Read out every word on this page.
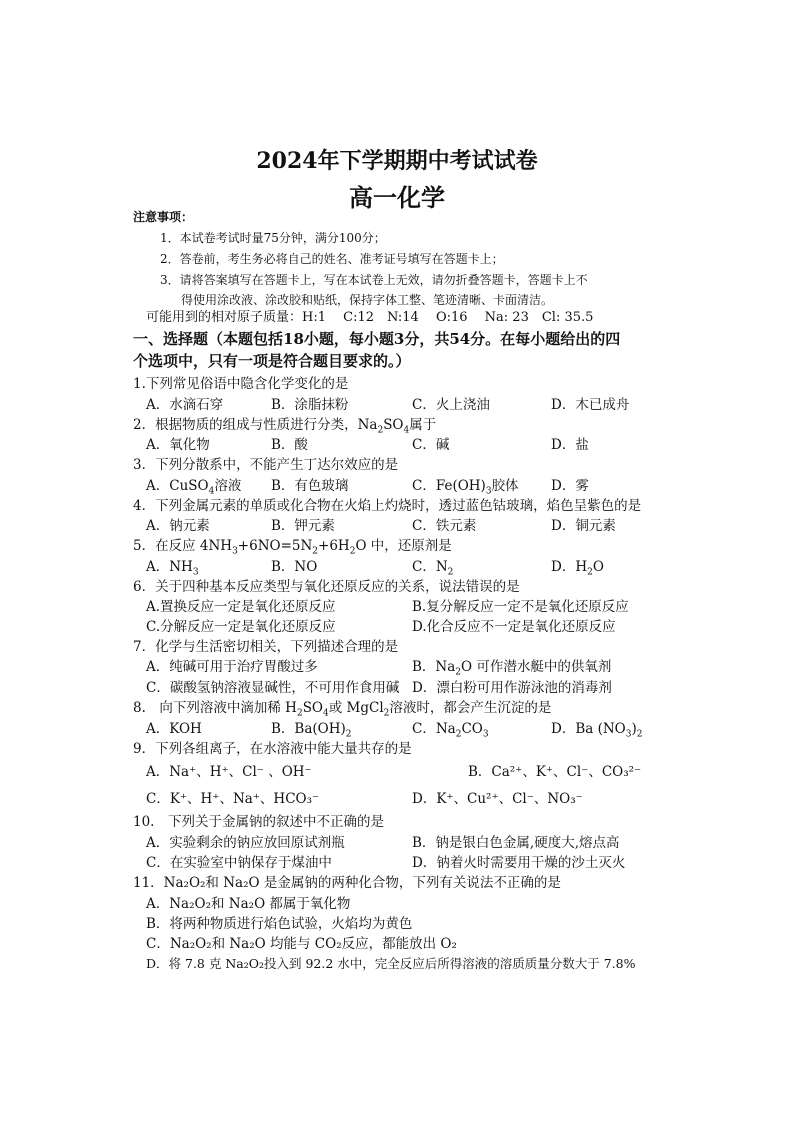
2024年下学期期中考试试卷
高一化学
注意事项：
1．本试卷考试时量75分钟，满分100分；
2．答卷前，考生务必将自己的姓名、准考证号填写在答题卡上；
3．请将答案填写在答题卡上，写在本试卷上无效，请勿折叠答题卡，答题卡上不
得使用涂改液、涂改胶和贴纸，保持字体工整、笔迹清晰、卡面清洁。
可能用到的相对原子质量：H:1　 C:12　N:14　 O:16　 Na: 23　Cl: 35.5
一、选择题（本题包括18小题，每小题3分，共54分。在每小题给出的四
个选项中，只有一项是符合题目要求的。）
1.下列常见俗语中隐含化学变化的是
A．水滴石穿	B．涂脂抹粉	C．火上浇油	D．木已成舟
2．根据物质的组成与性质进行分类，$Na_2SO_4$属于
A．氧化物	B．酸	C．碱	D．盐
3．下列分散系中，不能产生丁达尔效应的是
A．CuSO$_4$溶液 B．有色玻璃	C．$Fe(OH)_3$胶体 D．雾
4．下列金属元素的单质或化合物在火焰上灼烧时，透过蓝色钴玻璃，焰色呈紫色的是
A．钠元素	B．钾元素	C．铁元素	D．铜元素
5．在反应 $4NH_3+6NO=5N_2+6H_2O$ 中，还原剂是
A．$NH_3$	B．NO	C．$N_2$	D．$H_2O$
6．关于四种基本反应类型与氧化还原反应的关系，说法错误的是
A.置换反应一定是氧化还原反应	B.复分解反应一定不是氧化还原反应
C.分解反应一定是氧化还原反应	D.化合反应不一定是氧化还原反应
7．化学与生活密切相关，下列描述合理的是
A．纯碱可用于治疗胃酸过多	B．$Na_2O$ 可作潜水艇中的供氧剂
C．碳酸氢钠溶液显碱性，不可用作食用碱 D．漂白粉可用作游泳池的消毒剂
8.　向下列溶液中滴加稀 $H_2SO_4$或 MgCl$_2$溶液时，都会产生沉淀的是
A．KOH	B．$Ba(OH)_2$	C．$Na_2CO_3$	D．Ba $(NO_3)_2$
9．下列各组离子，在水溶液中能大量共存的是
A．Na⁺、H⁺、Cl⁻ 、OH⁻	B．Ca²⁺、K⁺、Cl⁻、CO₃²⁻
C．K⁺、H⁺、Na⁺、HCO₃⁻	D．K⁺、Cu²⁺、Cl⁻、NO₃⁻
10.　下列关于金属钠的叙述中不正确的是
A．实验剩余的钠应放回原试剂瓶	B．钠是银白色金属,硬度大,熔点高
C．在实验室中钠保存于煤油中	D．钠着火时需要用干燥的沙土灭火
11．Na₂O₂和 Na₂O 是金属钠的两种化合物，下列有关说法不正确的是
A．Na₂O₂和 Na₂O 都属于氧化物
B．将两种物质进行焰色试验，火焰均为黄色
C．Na₂O₂和 Na₂O 均能与 CO₂反应，都能放出 O₂
D．将 7.8 克 Na₂O₂投入到 92.2 水中，完全反应后所得溶液的溶质质量分数大于 7.8%
